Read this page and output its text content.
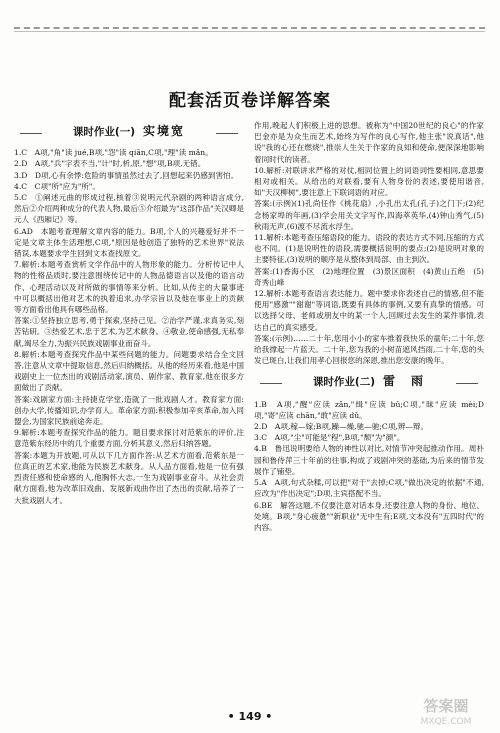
配套活页卷详解答案
课时作业(一) 实境宽

1.C　A项,"角"读 jué,B项,"怨"读 qiān,C项,"理"读 mǎn。

2.D　A项,"兵"字表不当,"计"时,析,原,"想"项,B项,无错。

3.D　D项,心有余悸:危险的事情虽然过去了,回想起来仍感到害怕。

4.C　C项"所"应为"所"。

5.C　①阐述元曲的形成过程,核着③说明元代杂剧的两种语言成分,然后②介绍两种成分的代表人物,最后⑤介绍最为"这部作品"关汉卿是元人《西厢记》等。

6.AD　本题考查理解文章内容的能力。B项,个人的兴趣爱好并不一定是文章主体生活理想,C项,"原因是他创造了独特的艺术世界"说法错误,本题要求学生回到文本查找原文。

7.解析:本题考查赏析文学作品中的人物形象的能力。分析传记中人物的性格品质时,要注意围绕传记中的人物品德语言以及他的语言动作、心理活动以及对所做的事情等来分析。比如,从传主的大量事迹中可以概括出他对艺术的执着追求,办学宗旨以及他在事业上的贡献等方面看出他具有哪些品格。

答案:①坚持独立思考,勇于探索,坚持己见。②治学严谨,求真务实,刻苦钻研。③热爱艺术,忠于艺术,为艺术献身。④敬业,使命感强,无私奉献,竭尽全力,为振兴民族戏剧事业而奋斗。

8.解析:本题考查探究作品中某些问题的能力。问题要求结合全文回答,注意从文章中提取信息,然后归纳概括。从他的经历来看,他是中国戏剧史上一位杰出的戏剧活动家,演员、剧作家、教育家,他在很多方面做出了贡献。

答案:戏剧家方面:主持捷克学堂,造就了一批戏剧人才。教育家方面:创办大学,传播知识,办学育人。革命家方面:积极参加辛亥革命,加入同盟会,为国家民族前途奔走。

9.解析:本题考查探究作品的能力。题目要求探讨对范紫东的评价,注意范紫东经历中的几个重要方面,分析其意义,然后归纳答题。

答案:本题为开放题,可从以下几方面作答:从艺术方面看,范紫东是一位真正的艺术家,他能为民族艺术献身。从人品方面看,他是一位有强烈责任感和使命感的人,他胸怀大志,一生为戏剧事业奋斗。从社会贡献方面看,他为改革旧戏曲、发展新戏曲作出了杰出的贡献,培养了一大批戏剧人才。

作用,晚起人们积极上进的思想。被称为"中国20世纪的良心"的作家巴金亦是为众生而艺术,始终为写作的良心写作,他主张"说真话",他说"我的心还在燃烧",推崇人生关于作家的良知和使命,便深深地影响着同时代的读者。

10.解析:对联讲求严格的对仗,相同位置上的词语词性要相同,意思要相对或相关。从给出的对联看,要有人物身份的表述,要使用谐音,如"天汉柳树",要注意上下联词语的对应。

答案:(示例)(1)孔尚任作《桃花扇》,小孔出太孔(孔子)之门下;(2)纪念杨家埠的年画,(3)学会用关文字写作,四海萃英华,(4)钟山秀气,(5)秋雨无声,(6)渡不尽流水浮生。

11.解析:本题考查压缩语段的能力。语段的表达方式不同,压缩的方式也不同。(1)是说明性的语段,需要概括说明的要点;(2)是说明对象的主要特征,(3)说明的顺序是从整体到局部、由主到次。

答案:(1)香海小区　(2)地理位置　(3)景区面积　(4)黄山五绝　(5)奇秀山峰

12.解析:本题考查语言表达能力。题中要求你表述自己的情感,但不能使用"感激""谢谢"等词语,既要有具体的事例,又要有真挚的情感。可以选择父母、老师或朋友中的某一个人,回顾过去发生的某件事情,表达自己的真实感受。

答案:(示例)……二十年,您用小小的家车推着我快乐的童年;二十年,您给我撑起一片蓝天。二十年,您为我的小树苗遮风挡雨,二十年,您的头发已斑白,让我们用孝心回报您的深恩,推出您安康的晚年。

课时作业(二) 雷　雨

1.B　A项,"醒"应读 zǎn,"缉"应读 bǔ;C项,"昧"应读 mèi;D项,"寄"应读 chān,"敢"应读 dǔ。

2.D　A项,稼—嫁;B项,躁—燥,驰—驰;C项,辨—辩。

3.C　A项,"尘"可能是"程",B项,"颓"为"颜"。

4.B　鲁迅说明要给人物的神性以对比,对情节冲突起推动作用。周朴园和鲁侍萍三十年前的往事,构成了戏剧冲突的基础,为后来的情节发展作了铺垫。

5.A　A项,句式杂糅,可以把"对于"去掉;C项,"做出决定的依据"不通,应改为"作出决定";D项,主宾搭配不当。

6.BE　解答这题,不仅要注意对话本身,还要注意人物的身份、地位、处境。B项,"身心疲惫""新职业"无中生有;E项,文本没有"五四时代"的内容。

• 149 •
答案圈
MXQE.COM
